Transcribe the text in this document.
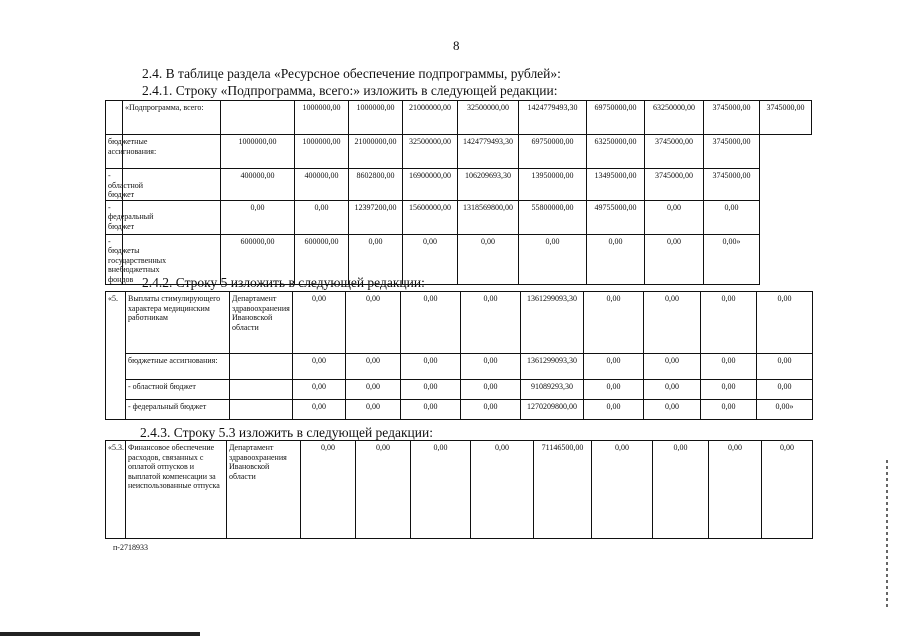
8
2.4. В таблице раздела «Ресурсное обеспечение подпрограммы, рублей»:
2.4.1. Строку «Подпрограмма, всего:» изложить в следующей редакции:
	«Подпрограмма, всего:		1000000,00	1000000,00	21000000,00	32500000,00	1424779493,30	69750000,00	63250000,00	3745000,00	3745000,00
бюджетные ассигнования:		1000000,00	1000000,00	21000000,00	32500000,00	1424779493,30	69750000,00	63250000,00	3745000,00	3745000,00	
- областной бюджет		400000,00	400000,00	8602800,00	16900000,00	106209693,30	13950000,00	13495000,00	3745000,00	3745000,00	
- федеральный бюджет		0,00	0,00	12397200,00	15600000,00	1318569800,00	55800000,00	49755000,00	0,00	0,00	
- бюджеты государственных внебюджетных фондов		600000,00	600000,00	0,00	0,00	0,00	0,00	0,00	0,00	0,00»	
2.4.2. Строку 5 изложить в следующей редакции:
«5.	Выплаты стимулирующего характера медицинским работникам	Департамент здравоохранения Ивановской области	0,00	0,00	0,00	0,00	1361299093,30	0,00	0,00	0,00	0,00
	бюджетные ассигнования:		0,00	0,00	0,00	0,00	1361299093,30	0,00	0,00	0,00	0,00
	- областной бюджет		0,00	0,00	0,00	0,00	91089293,30	0,00	0,00	0,00	0,00
	- федеральный бюджет		0,00	0,00	0,00	0,00	1270209800,00	0,00	0,00	0,00	0,00»
2.4.3. Строку 5.3 изложить в следующей редакции:
«5.3.	Финансовое обеспечение расходов, связанных с оплатой отпусков и выплатой компенсации за неиспользованные отпуска	Департамент здравоохранения Ивановской области	0,00	0,00	0,00	0,00	71146500,00	0,00	0,00	0,00	0,00
п-2718933
